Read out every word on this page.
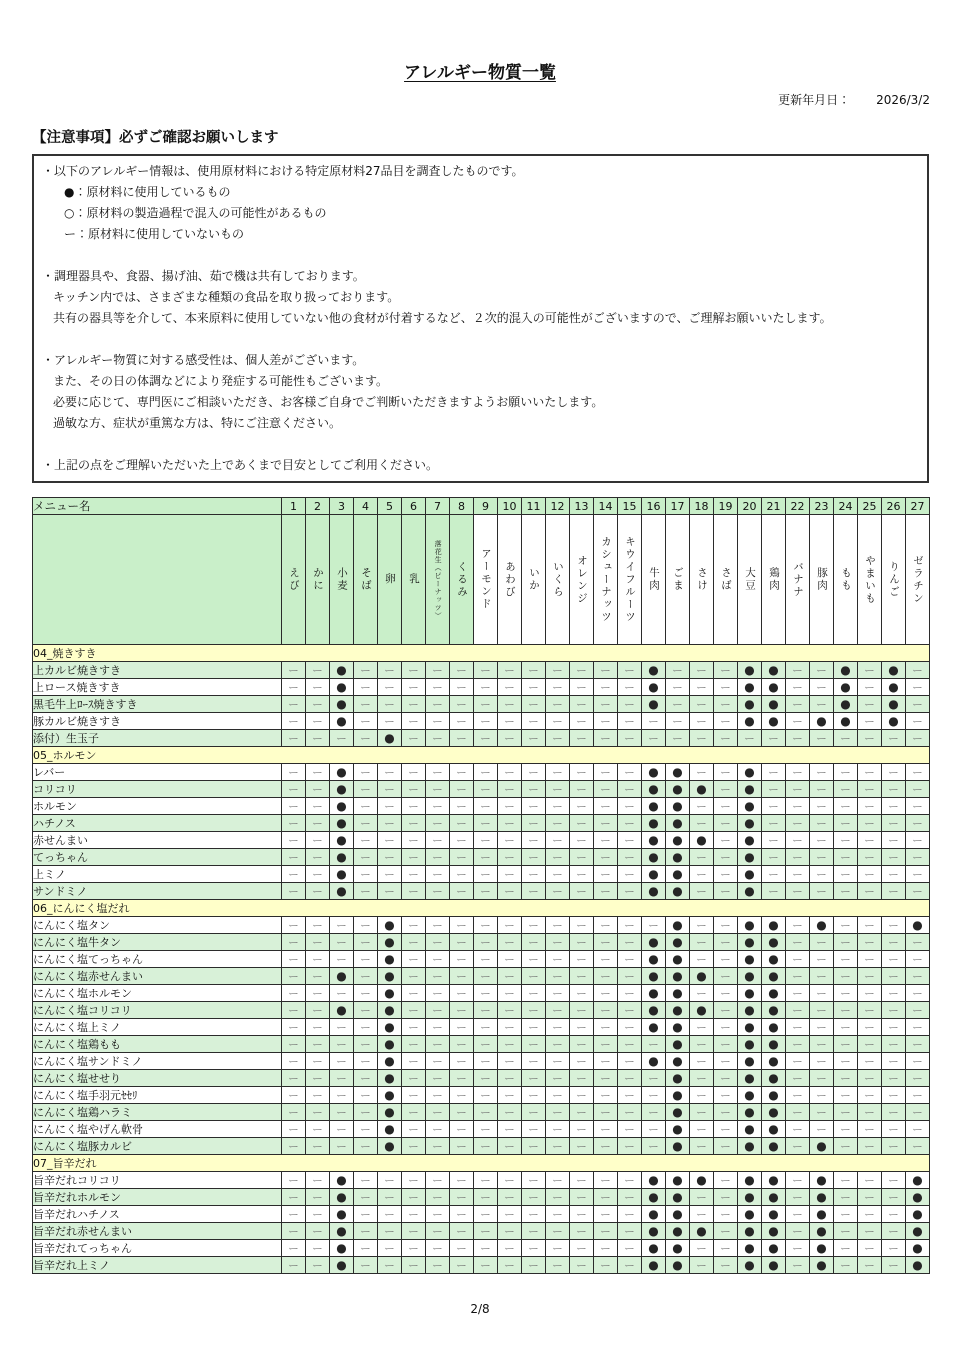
アレルギー物質一覧
更新年月日： 2026/3/2
【注意事項】必ずご確認お願いします
・以下のアレルギー情報は、使用原材料における特定原材料27品目を調査したものです。
●：原材料に使用しているもの
○：原材料の製造過程で混入の可能性があるもの
ー：原材料に使用していないもの

・調理器具や、食器、揚げ油、茹で機は共有しております。
キッチン内では、さまざまな種類の食品を取り扱っております。
共有の器具等を介して、本来原料に使用していない他の食材が付着するなど、２次的混入の可能性がございますので、ご理解お願いいたします。

・アレルギー物質に対する感受性は、個人差がございます。
また、その日の体調などにより発症する可能性もございます。
必要に応じて、専門医にご相談いただき、お客様ご自身でご判断いただきますようお願いいたします。
過敏な方、症状が重篤な方は、特にご注意ください。

・上記の点をご理解いただいた上であくまで目安としてご利用ください。
メニュー名	1	2	3	4	5	6	7	8	9	10	11	12	13	14	15	16	17	18	19	20	21	22	23	24	25	26	27

	えび	かに	小麦	そば	卵	乳	落花生（ピーナッツ）	くるみ	アーモンド	あわび	いか	いくら	オレンジ	カシューナッツ	キウイフルーツ	牛肉	ごま	さけ	さば	大豆	鶏肉	バナナ	豚肉	もも	やまいも	りんご	ゼラチン

04_焼きすき																											
上カルビ焼きすき	ー	ー	●	ー	ー	ー	ー	ー	ー	ー	ー	ー	ー	ー	ー	●	ー	ー	ー	●	●	ー	ー	●	ー	●	ー
上ロース焼きすき	ー	ー	●	ー	ー	ー	ー	ー	ー	ー	ー	ー	ー	ー	ー	●	ー	ー	ー	●	●	ー	ー	●	ー	●	ー
黒毛牛上ﾛｰｽ焼きすき	ー	ー	●	ー	ー	ー	ー	ー	ー	ー	ー	ー	ー	ー	ー	●	ー	ー	ー	●	●	ー	ー	●	ー	●	ー
豚カルビ焼きすき	ー	ー	●	ー	ー	ー	ー	ー	ー	ー	ー	ー	ー	ー	ー	ー	ー	ー	ー	●	●	ー	●	●	ー	●	ー
添付）生玉子	ー	ー	ー	ー	●	ー	ー	ー	ー	ー	ー	ー	ー	ー	ー	ー	ー	ー	ー	ー	ー	ー	ー	ー	ー	ー	ー
05_ホルモン																											
レバー	ー	ー	●	ー	ー	ー	ー	ー	ー	ー	ー	ー	ー	ー	ー	●	●	ー	ー	●	ー	ー	ー	ー	ー	ー	ー
コリコリ	ー	ー	●	ー	ー	ー	ー	ー	ー	ー	ー	ー	ー	ー	ー	●	●	●	ー	●	ー	ー	ー	ー	ー	ー	ー
ホルモン	ー	ー	●	ー	ー	ー	ー	ー	ー	ー	ー	ー	ー	ー	ー	●	●	ー	ー	●	ー	ー	ー	ー	ー	ー	ー
ハチノス	ー	ー	●	ー	ー	ー	ー	ー	ー	ー	ー	ー	ー	ー	ー	●	●	ー	ー	●	ー	ー	ー	ー	ー	ー	ー
赤せんまい	ー	ー	●	ー	ー	ー	ー	ー	ー	ー	ー	ー	ー	ー	ー	●	●	●	ー	●	ー	ー	ー	ー	ー	ー	ー
てっちゃん	ー	ー	●	ー	ー	ー	ー	ー	ー	ー	ー	ー	ー	ー	ー	●	●	ー	ー	●	ー	ー	ー	ー	ー	ー	ー
上ミノ	ー	ー	●	ー	ー	ー	ー	ー	ー	ー	ー	ー	ー	ー	ー	●	●	ー	ー	●	ー	ー	ー	ー	ー	ー	ー
サンドミノ	ー	ー	●	ー	ー	ー	ー	ー	ー	ー	ー	ー	ー	ー	ー	●	●	ー	ー	●	ー	ー	ー	ー	ー	ー	ー
06_にんにく塩だれ																											
にんにく塩タン	ー	ー	ー	ー	●	ー	ー	ー	ー	ー	ー	ー	ー	ー	ー	ー	●	ー	ー	●	●	ー	●	ー	ー	ー	●
にんにく塩牛タン	ー	ー	ー	ー	●	ー	ー	ー	ー	ー	ー	ー	ー	ー	ー	●	●	ー	ー	●	●	ー	ー	ー	ー	ー	ー
にんにく塩てっちゃん	ー	ー	ー	ー	●	ー	ー	ー	ー	ー	ー	ー	ー	ー	ー	●	●	ー	ー	●	●	ー	ー	ー	ー	ー	ー
にんにく塩赤せんまい	ー	ー	●	ー	●	ー	ー	ー	ー	ー	ー	ー	ー	ー	ー	●	●	●	ー	●	●	ー	ー	ー	ー	ー	ー
にんにく塩ホルモン	ー	ー	ー	ー	●	ー	ー	ー	ー	ー	ー	ー	ー	ー	ー	●	●	ー	ー	●	●	ー	ー	ー	ー	ー	ー
にんにく塩コリコリ	ー	ー	●	ー	●	ー	ー	ー	ー	ー	ー	ー	ー	ー	ー	●	●	●	ー	●	●	ー	ー	ー	ー	ー	ー
にんにく塩上ミノ	ー	ー	ー	ー	●	ー	ー	ー	ー	ー	ー	ー	ー	ー	ー	●	●	ー	ー	●	●	ー	ー	ー	ー	ー	ー
にんにく塩鶏もも	ー	ー	ー	ー	●	ー	ー	ー	ー	ー	ー	ー	ー	ー	ー	ー	●	ー	ー	●	●	ー	ー	ー	ー	ー	ー
にんにく塩サンドミノ	ー	ー	ー	ー	●	ー	ー	ー	ー	ー	ー	ー	ー	ー	ー	●	●	ー	ー	●	●	ー	ー	ー	ー	ー	ー
にんにく塩せせり	ー	ー	ー	ー	●	ー	ー	ー	ー	ー	ー	ー	ー	ー	ー	ー	●	ー	ー	●	●	ー	ー	ー	ー	ー	ー
にんにく塩手羽元ｾｾﾘ	ー	ー	ー	ー	●	ー	ー	ー	ー	ー	ー	ー	ー	ー	ー	ー	●	ー	ー	●	●	ー	ー	ー	ー	ー	ー
にんにく塩鶏ハラミ	ー	ー	ー	ー	●	ー	ー	ー	ー	ー	ー	ー	ー	ー	ー	ー	●	ー	ー	●	●	ー	ー	ー	ー	ー	ー
にんにく塩やげん軟骨	ー	ー	ー	ー	●	ー	ー	ー	ー	ー	ー	ー	ー	ー	ー	ー	●	ー	ー	●	●	ー	ー	ー	ー	ー	ー
にんにく塩豚カルビ	ー	ー	ー	ー	●	ー	ー	ー	ー	ー	ー	ー	ー	ー	ー	ー	●	ー	ー	●	●	ー	●	ー	ー	ー	ー
07_旨辛だれ																											
旨辛だれコリコリ	ー	ー	●	ー	ー	ー	ー	ー	ー	ー	ー	ー	ー	ー	ー	●	●	●	ー	●	●	ー	●	ー	ー	ー	●
旨辛だれホルモン	ー	ー	●	ー	ー	ー	ー	ー	ー	ー	ー	ー	ー	ー	ー	●	●	ー	ー	●	●	ー	●	ー	ー	ー	●
旨辛だれハチノス	ー	ー	●	ー	ー	ー	ー	ー	ー	ー	ー	ー	ー	ー	ー	●	●	ー	ー	●	●	ー	●	ー	ー	ー	●
旨辛だれ赤せんまい	ー	ー	●	ー	ー	ー	ー	ー	ー	ー	ー	ー	ー	ー	ー	●	●	●	ー	●	●	ー	●	ー	ー	ー	●
旨辛だれてっちゃん	ー	ー	●	ー	ー	ー	ー	ー	ー	ー	ー	ー	ー	ー	ー	●	●	ー	ー	●	●	ー	●	ー	ー	ー	●
旨辛だれ上ミノ	ー	ー	●	ー	ー	ー	ー	ー	ー	ー	ー	ー	ー	ー	ー	●	●	ー	ー	●	●	ー	●	ー	ー	ー	●
2/8
